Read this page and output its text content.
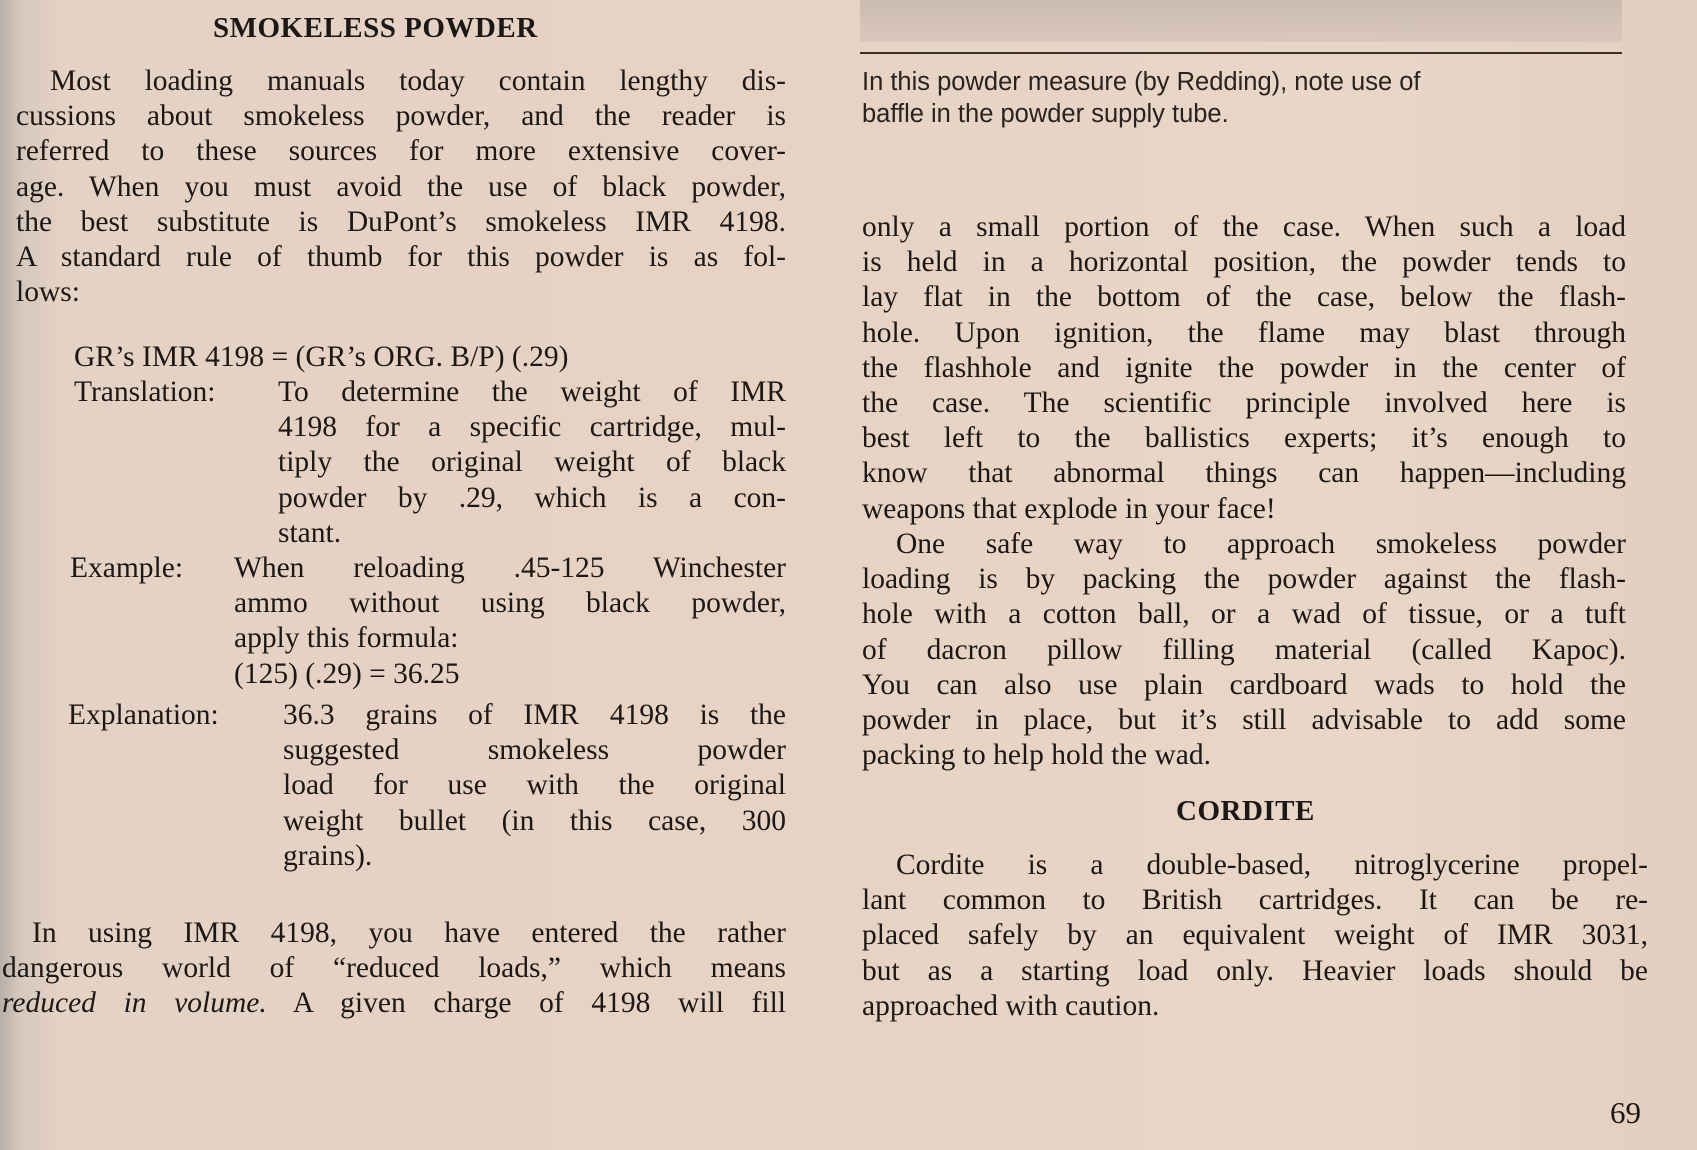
SMOKELESS POWDER
Most loading manuals today contain lengthy dis-
cussions about smokeless powder, and the reader is
referred to these sources for more extensive cover-
age. When you must avoid the use of black powder,
the best substitute is DuPont’s smokeless IMR 4198.
A standard rule of thumb for this powder is as fol-
lows:
GR’s IMR 4198 = (GR’s ORG. B/P) (.29)
Translation: To determine the weight of IMR
4198 for a specific cartridge, mul-
tiply the original weight of black
powder by .29, which is a con-
stant.
Example: When reloading .45-125 Winchester
ammo without using black powder,
apply this formula:
(125) (.29) = 36.25
Explanation: 36.3 grains of IMR 4198 is the
suggested smokeless powder
load for use with the original
weight bullet (in this case, 300
grains).
In using IMR 4198, you have entered the rather
dangerous world of “reduced loads,” which means
reduced in volume. A given charge of 4198 will fill
In this powder measure (by Redding), note use of
baffle in the powder supply tube.
only a small portion of the case. When such a load
is held in a horizontal position, the powder tends to
lay flat in the bottom of the case, below the flash-
hole. Upon ignition, the flame may blast through
the flashhole and ignite the powder in the center of
the case. The scientific principle involved here is
best left to the ballistics experts; it’s enough to
know that abnormal things can happen—including
weapons that explode in your face!
One safe way to approach smokeless powder
loading is by packing the powder against the flash-
hole with a cotton ball, or a wad of tissue, or a tuft
of dacron pillow filling material (called Kapoc).
You can also use plain cardboard wads to hold the
powder in place, but it’s still advisable to add some
packing to help hold the wad.
CORDITE
Cordite is a double-based, nitroglycerine propel-
lant common to British cartridges. It can be re-
placed safely by an equivalent weight of IMR 3031,
but as a starting load only. Heavier loads should be
approached with caution.
69
